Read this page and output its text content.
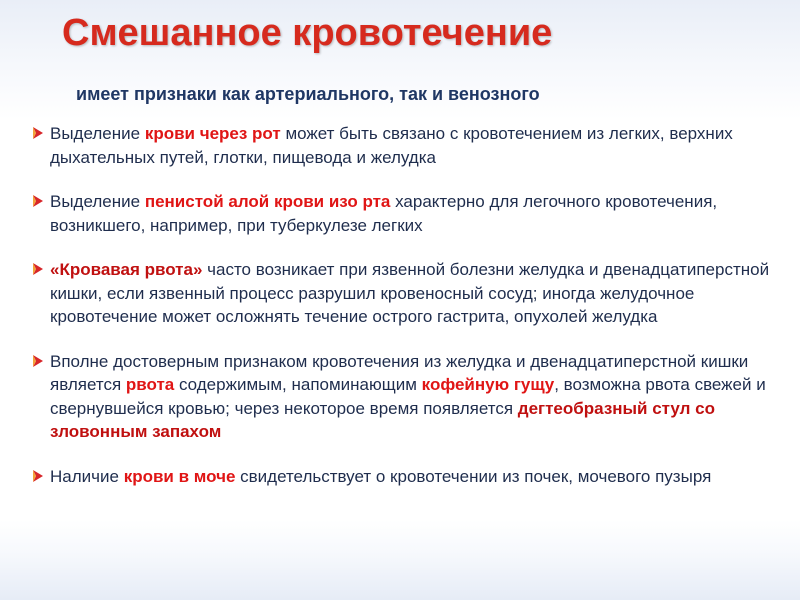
Смешанное кровотечение
имеет признаки как артериального, так и венозного
Выделение крови через рот может быть связано с кровотечением из легких, верхних дыхательных путей, глотки, пищевода и желудка
Выделение пенистой алой крови изо рта характерно для легочного кровотечения, возникшего, например, при туберкулезе легких
«Кровавая рвота» часто возникает при язвенной болезни желудка и двенадцатиперстной кишки, если язвенный процесс разрушил кровеносный сосуд; иногда желудочное кровотечение может осложнять течение острого гастрита, опухолей желудка
Вполне достоверным признаком кровотечения из желудка и двенадцатиперстной кишки является рвота содержимым, напоминающим кофейную гущу, возможна рвота свежей и свернувшейся кровью; через некоторое время появляется дегтеобразный стул со зловонным запахом
Наличие крови в моче свидетельствует о кровотечении из почек, мочевого пузыря
